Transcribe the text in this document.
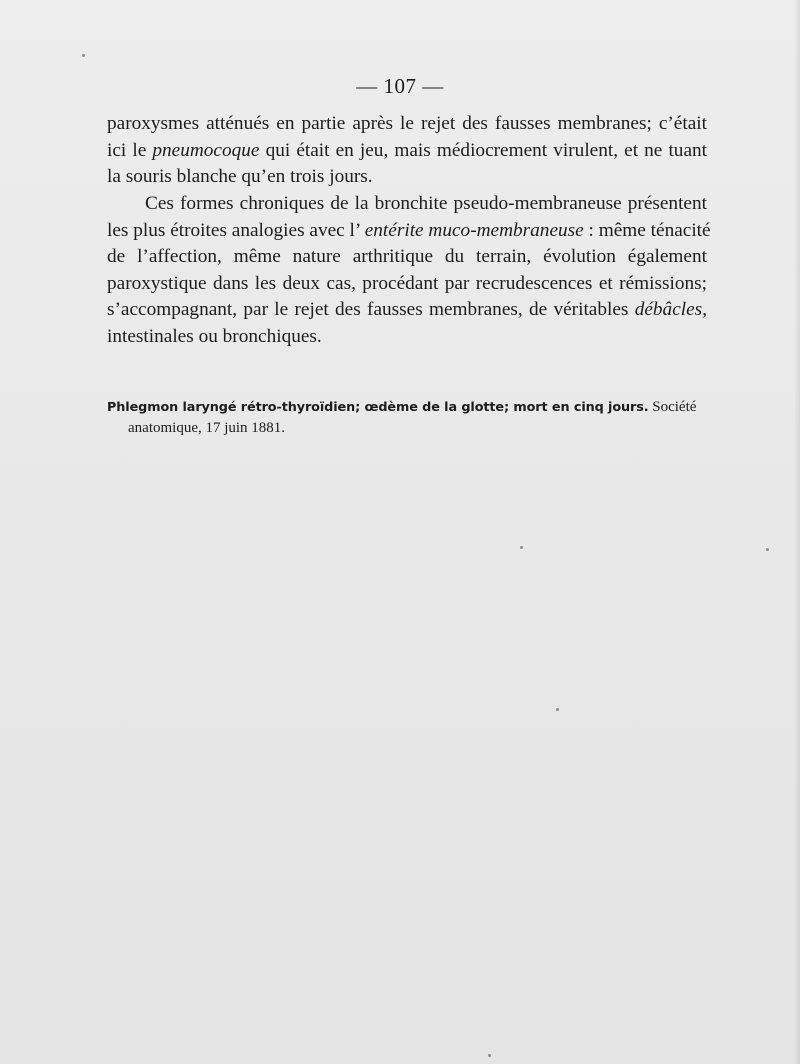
— 107 —
paroxysmes atténués en partie après le rejet des fausses membranes; c’était
ici le pneumocoque qui était en jeu, mais médiocrement virulent, et ne tuant
la souris blanche qu’en trois jours.
Ces formes chroniques de la bronchite pseudo-membraneuse présentent
les plus étroites analogies avec l’ entérite muco-membraneuse : même ténacité
de l’affection, même nature arthritique du terrain, évolution également
paroxystique dans les deux cas, procédant par recrudescences et rémissions;
s’accompagnant, par le rejet des fausses membranes, de véritables débâcles,
intestinales ou bronchiques.
Phlegmon laryngé rétro-thyroïdien; œdème de la glotte; mort en cinq jours. Société
anatomique, 17 juin 1881.
